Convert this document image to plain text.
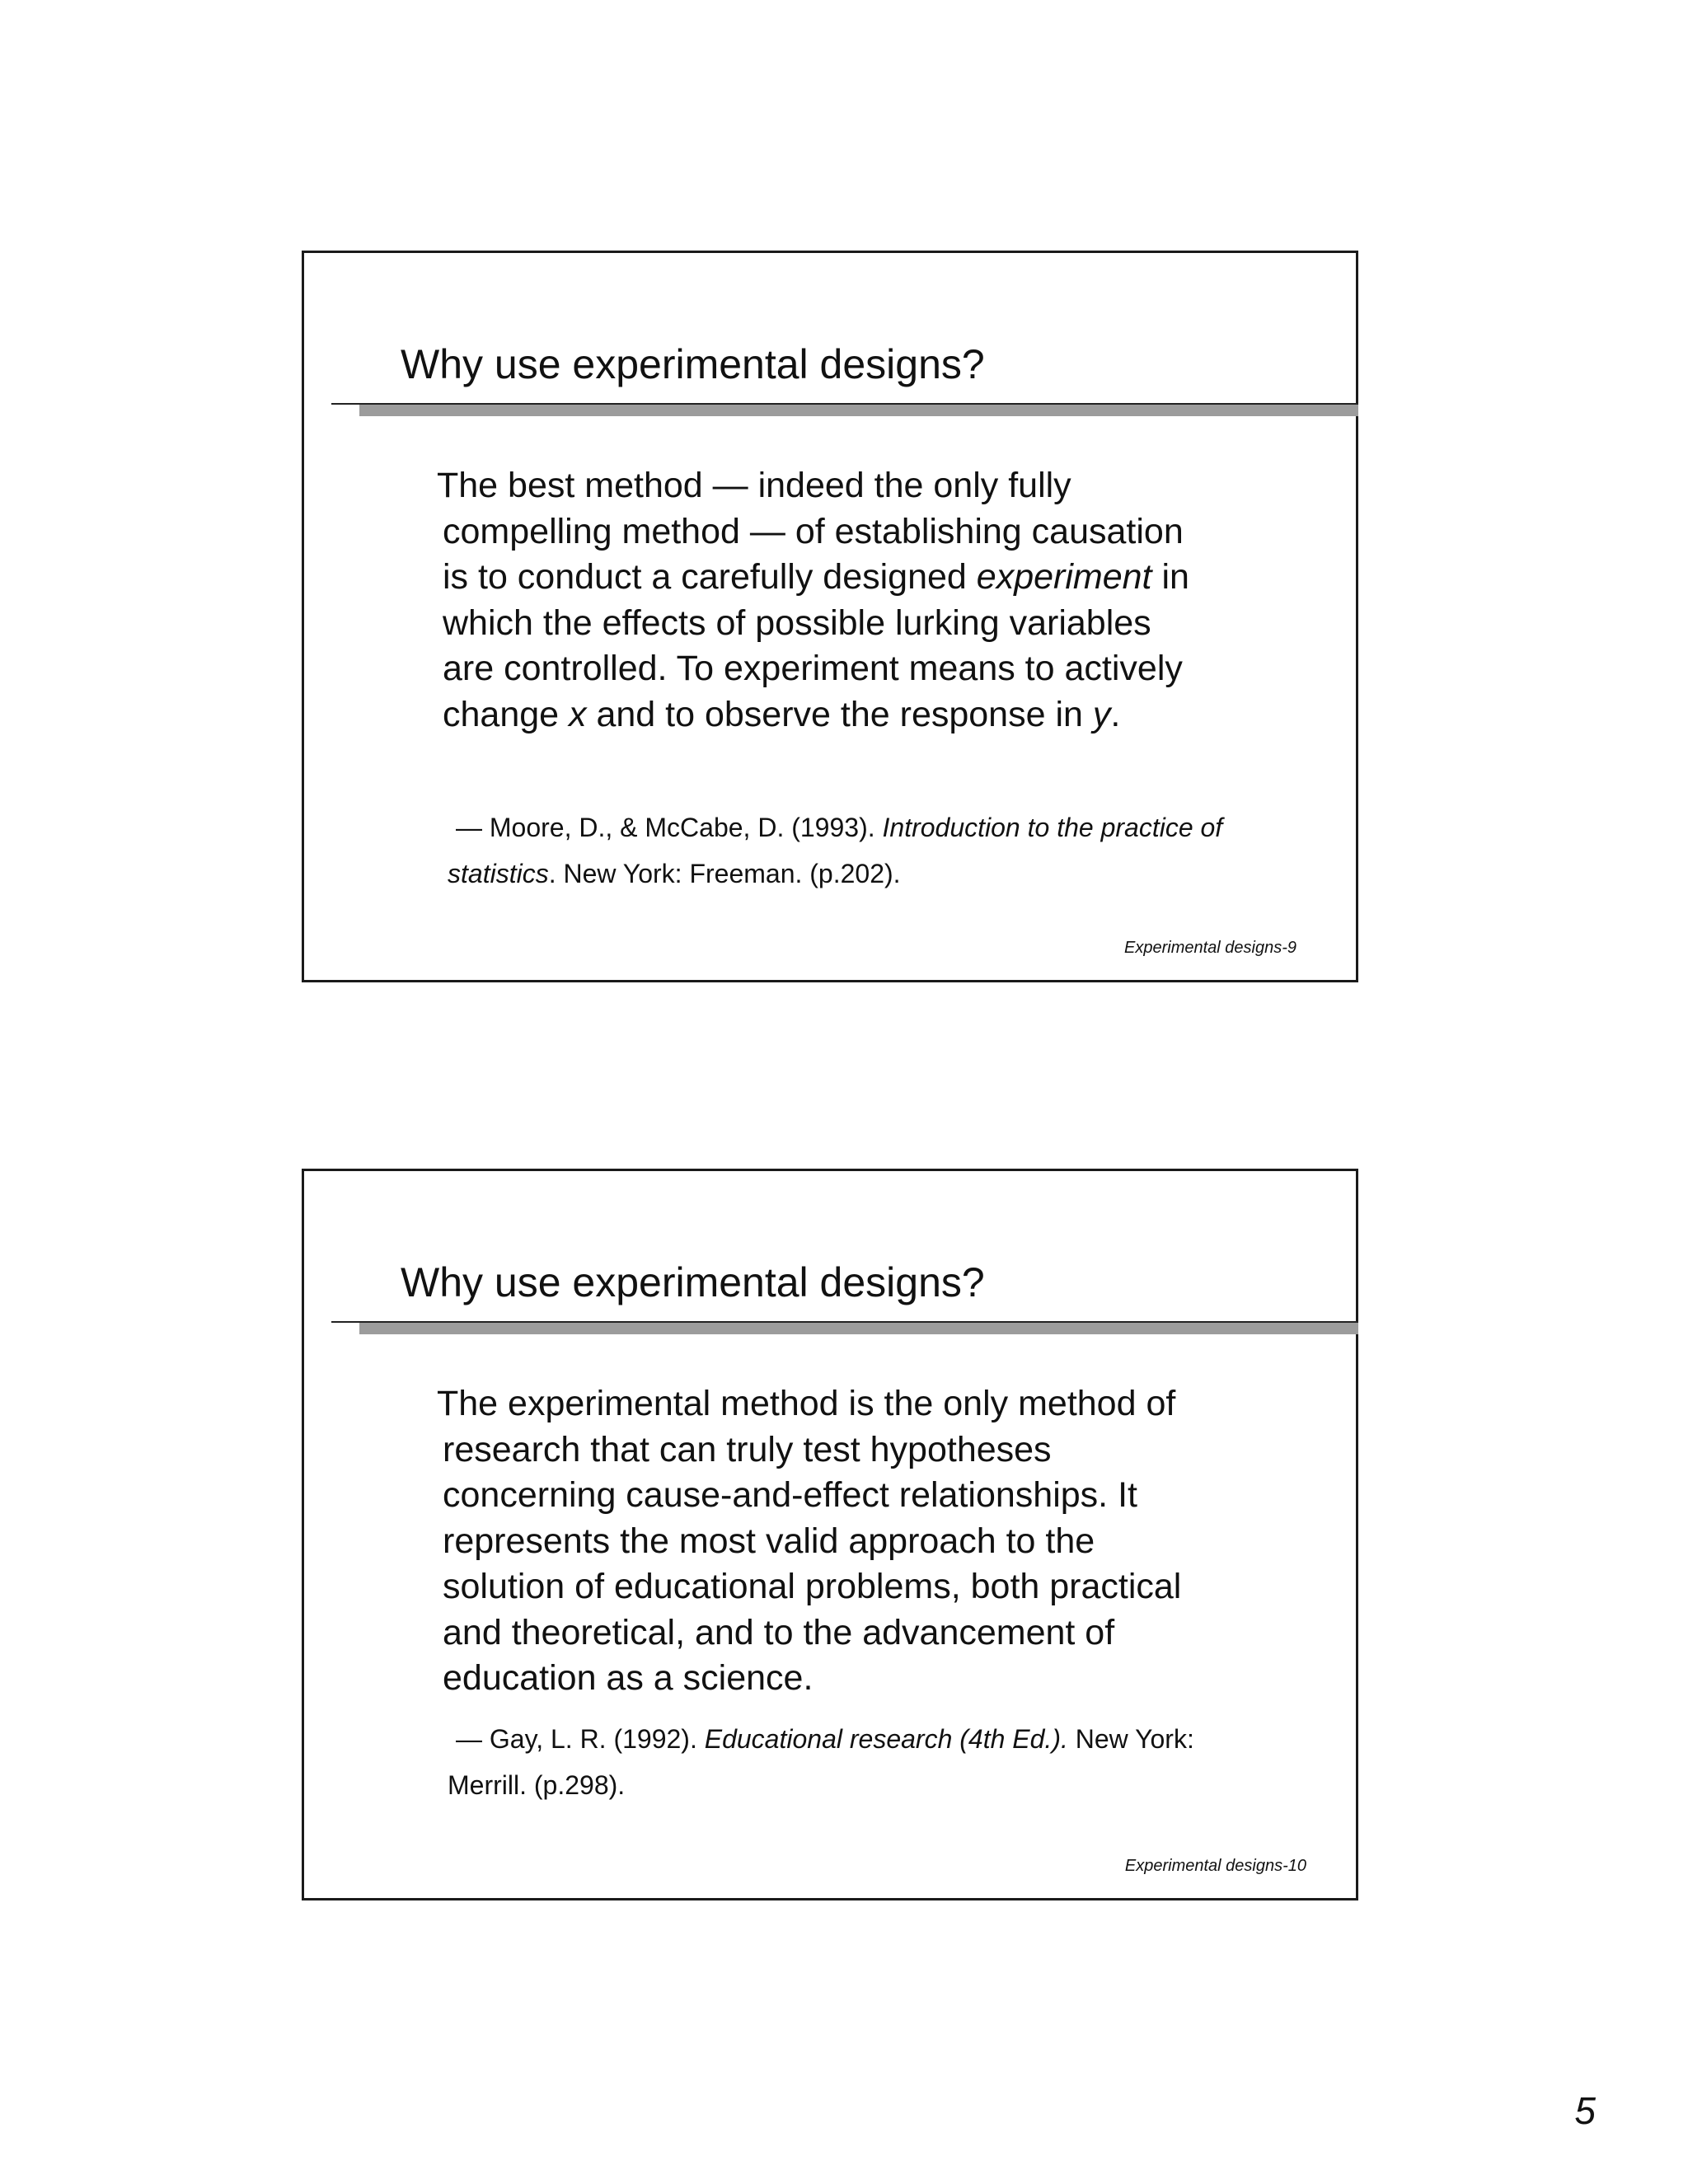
Why use experimental designs?
The best method — indeed the only fully
compelling method — of establishing causation
is to conduct a carefully designed experiment in
which the effects of possible lurking variables
are controlled. To experiment means to actively
change x and to observe the response in y.
— Moore, D., & McCabe, D. (1993). Introduction to the practice of
statistics. New York: Freeman. (p.202).
Experimental designs-9
Why use experimental designs?
The experimental method is the only method of
research that can truly test hypotheses
concerning cause-and-effect relationships. It
represents the most valid approach to the
solution of educational problems, both practical
and theoretical, and to the advancement of
education as a science.
— Gay, L. R. (1992). Educational research (4th Ed.). New York:
Merrill. (p.298).
Experimental designs-10
5
